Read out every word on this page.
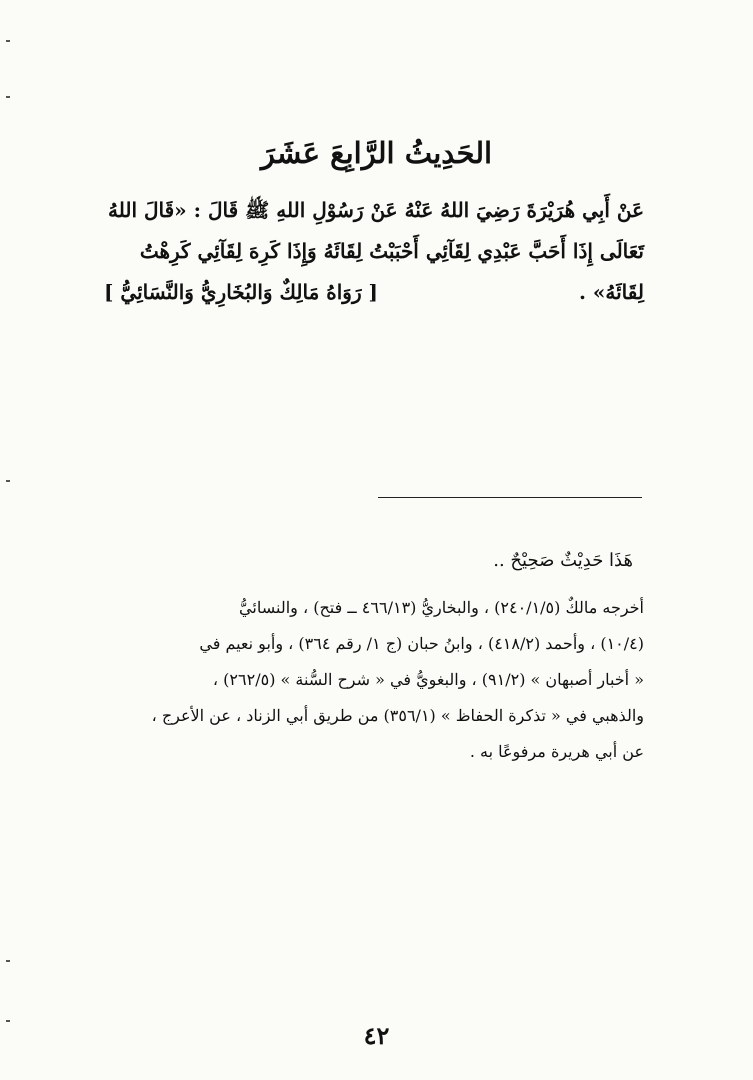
الحَدِيثُ الرَّابِعَ عَشَرَ
عَنْ أَبِي هُرَيْرَةَ رَضِيَ اللهُ عَنْهُ عَنْ رَسُوْلِ اللهِ ﷺ قَالَ : «قَالَ اللهُ
تَعَالَى إِذَا أَحَبَّ عَبْدِي لِقَآئِي أَحْبَبْتُ لِقَائَهُ وَإِذَا كَرِهَ لِقَآئِي كَرِهْتُ
لِقَائَهُ» .
[ رَوَاهُ مَالِكٌ وَالبُخَارِيُّ وَالنَّسَائِيُّ ]
هَذَا حَدِيْثٌ صَحِيْحٌ ..
أخرجه مالكٌ (٢٤٠/١/٥) ، والبخاريُّ (٤٦٦/١٣ ــ فتح) ، والنسائيُّ
(١٠/٤) ، وأحمد (٤١٨/٢) ، وابنُ حبان (ج ١/ رقم ٣٦٤) ، وأبو نعيم في
« أخبار أصبهان » (٩١/٢) ، والبغويُّ في « شرح السُّنة » (٢٦٢/٥) ،
والذهبي في « تذكرة الحفاظ » (٣٥٦/١) من طريق أبي الزناد ، عن الأعرج ،
عن أبي هريرة مرفوعًا به .
٤٢
